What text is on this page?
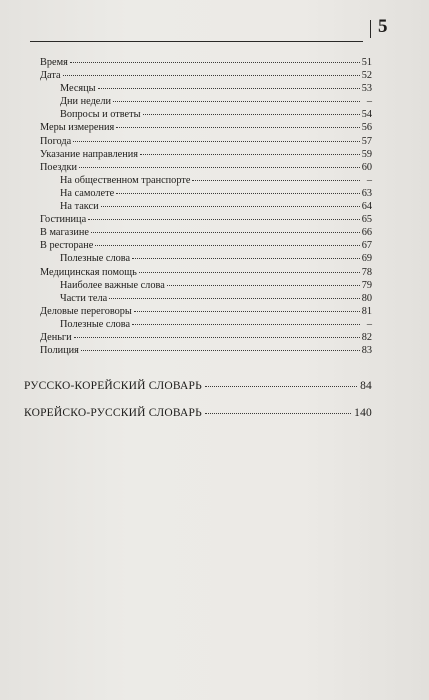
5
Время	51
Дата	52
Месяцы	53
Дни недели	–
Вопросы и ответы	54
Меры измерения	56
Погода	57
Указание направления	59
Поездки	60
На общественном транспорте	–
На самолете	63
На такси	64
Гостиница	65
В магазине	66
В ресторане	67
Полезные слова	69
Медицинская помощь	78
Наиболее важные слова	79
Части тела	80
Деловые переговоры	81
Полезные слова	–
Деньги	82
Полиция	83
РУССКО-КОРЕЙСКИЙ СЛОВАРЬ	84
КОРЕЙСКО-РУССКИЙ СЛОВАРЬ	140
